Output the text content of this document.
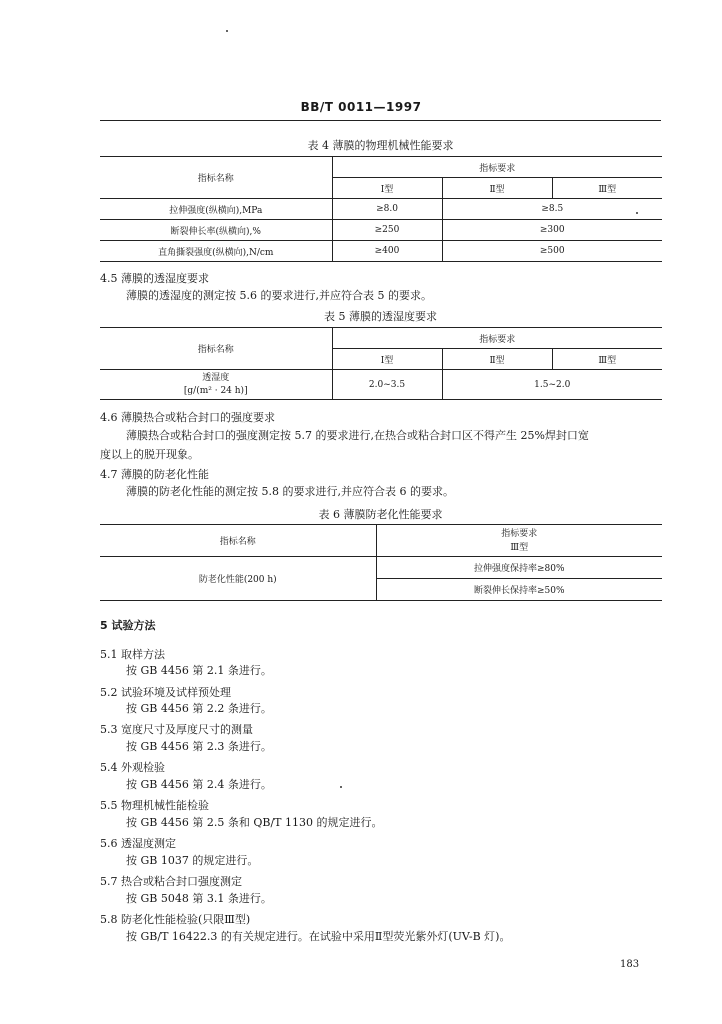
BB/T 0011—1997
表 4 薄膜的物理机械性能要求
指标名称	指标要求		
	Ⅰ型	Ⅱ型	Ⅲ型
拉伸强度(纵横向),MPa	≥8.0	≥8.5	
断裂伸长率(纵横向),%	≥250	≥300	
直角撕裂强度(纵横向),N/cm	≥400	≥500	
4.5 薄膜的透湿度要求
薄膜的透湿度的测定按 5.6 的要求进行,并应符合表 5 的要求。
表 5 薄膜的透湿度要求
指标名称	指标要求		
	Ⅰ型	Ⅱ型	Ⅲ型

透湿度
[g/(m² · 24 h)]	2.0~3.5	1.5~2.0	
4.6 薄膜热合或粘合封口的强度要求
薄膜热合或粘合封口的强度测定按 5.7 的要求进行,在热合或粘合封口区不得产生 25%焊封口宽
度以上的脱开现象。
4.7 薄膜的防老化性能
薄膜的防老化性能的测定按 5.8 的要求进行,并应符合表 6 的要求。
表 6 薄膜防老化性能要求
指标名称	指标要求
Ⅲ型

防老化性能(200 h)	拉伸强度保持率≥80%
	断裂伸长保持率≥50%
5 试验方法
5.1 取样方法
按 GB 4456 第 2.1 条进行。
5.2 试验环境及试样预处理
按 GB 4456 第 2.2 条进行。
5.3 宽度尺寸及厚度尺寸的测量
按 GB 4456 第 2.3 条进行。
5.4 外观检验
按 GB 4456 第 2.4 条进行。
5.5 物理机械性能检验
按 GB 4456 第 2.5 条和 QB/T 1130 的规定进行。
5.6 透湿度测定
按 GB 1037 的规定进行。
5.7 热合或粘合封口强度测定
按 GB 5048 第 3.1 条进行。
5.8 防老化性能检验(只限Ⅲ型)
按 GB/T 16422.3 的有关规定进行。在试验中采用Ⅱ型荧光紫外灯(UV-B 灯)。
183
